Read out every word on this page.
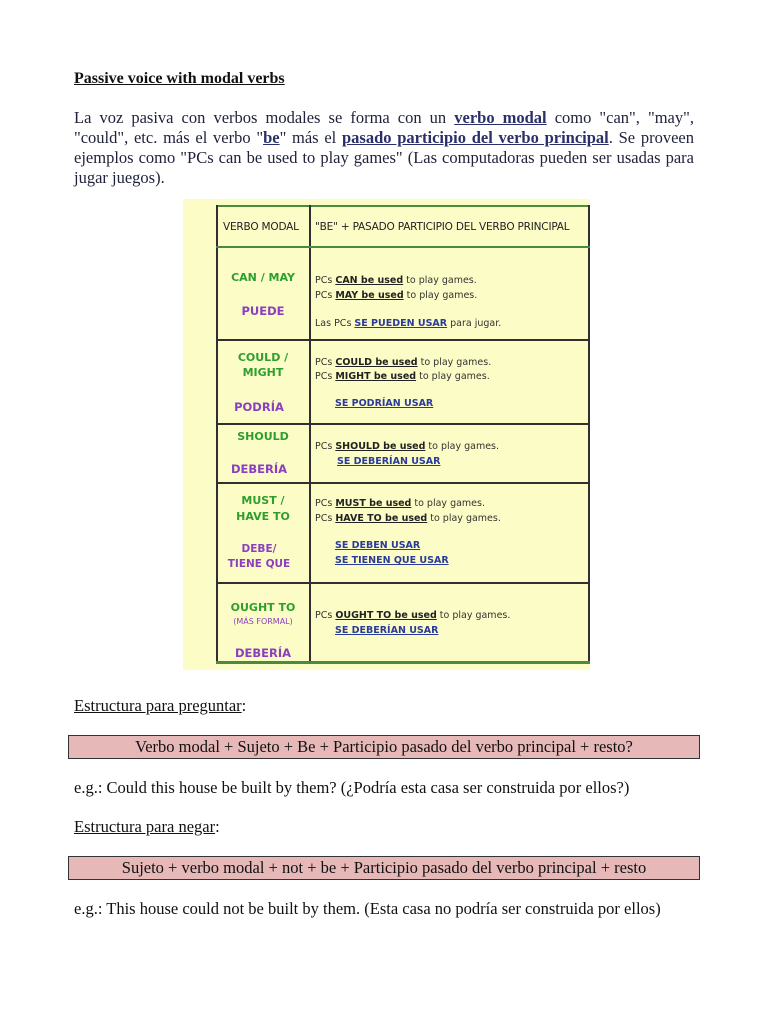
Passive voice with modal verbs
La voz pasiva con verbos modales se forma con un verbo modal como "can", "may", "could", etc. más el verbo "be" más el pasado participio del verbo principal. Se proveen ejemplos como "PCs can be used to play games" (Las computadoras pueden ser usadas para jugar juegos).
VERBO MODAL "BE" + PASADO PARTICIPIO DEL VERBO PRINCIPAL
CAN / MAY
PUEDE
PCs CAN be used to play games.
PCs MAY be used to play games.
Las PCs SE PUEDEN USAR para jugar.
COULD /
MIGHT
PODRÍA
PCs COULD be used to play games.
PCs MIGHT be used to play games.
SE PODRÍAN USAR
SHOULD
DEBERÍA
PCs SHOULD be used to play games.
SE DEBERÍAN USAR
MUST /
HAVE TO
DEBE/
TIENE QUE
PCs MUST be used to play games.
PCs HAVE TO be used to play games.
SE DEBEN USAR
SE TIENEN QUE USAR
OUGHT TO
(MÁS FORMAL)
DEBERÍA
PCs OUGHT TO be used to play games.
SE DEBERÍAN USAR
Estructura para preguntar:
Verbo modal + Sujeto + Be + Participio pasado del verbo principal + resto?
e.g.: Could this house be built by them? (¿Podría esta casa ser construida por ellos?)
Estructura para negar:
Sujeto + verbo modal + not + be + Participio pasado del verbo principal + resto
e.g.: This house could not be built by them. (Esta casa no podría ser construida por ellos)
